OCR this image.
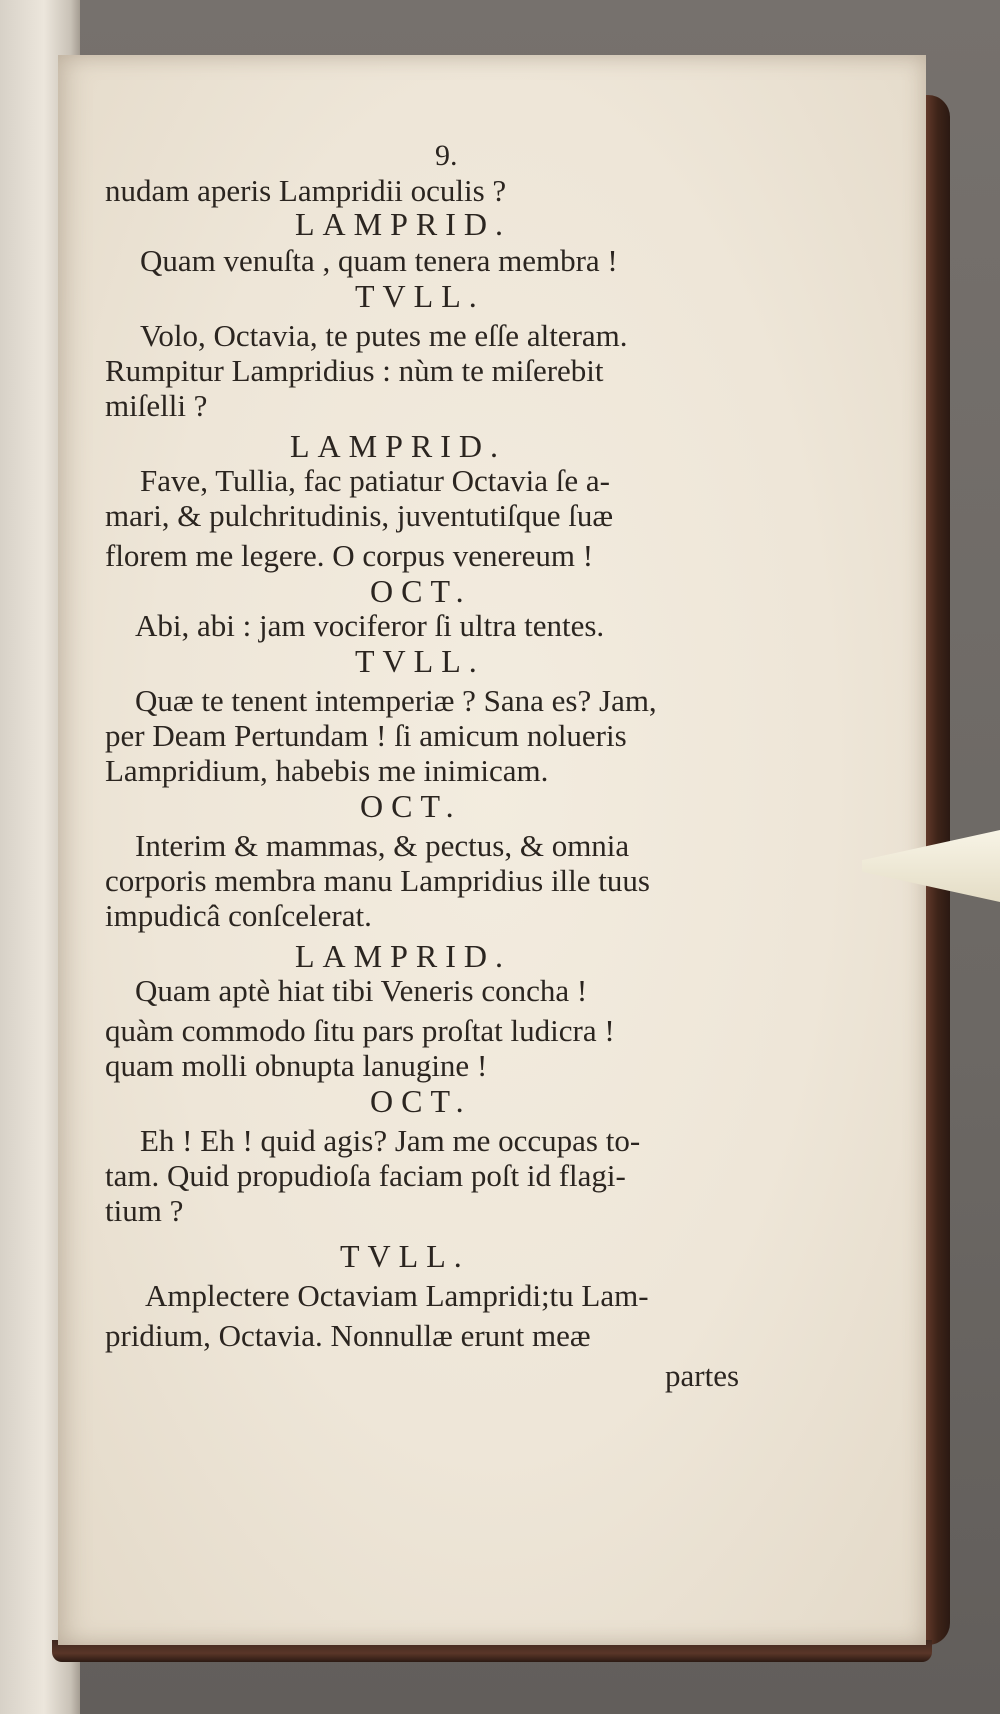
9.
nudam aperis Lampridii oculis ?
LAMPRID.
Quam venuſta , quam tenera membra !
TVLL.
Volo, Octavia, te putes me eſſe alteram.
Rumpitur Lampridius : nùm te miſerebit
miſelli ?
LAMPRID.
Fave, Tullia, fac patiatur Octavia ſe a-
mari, & pulchritudinis, juventutiſque ſuæ
florem me legere. O corpus venereum !
OCT.
Abi, abi : jam vociferor ſi ultra tentes.
TVLL.
Quæ te tenent intemperiæ ? Sana es? Jam,
per Deam Pertundam ! ſi amicum nolueris
Lampridium, habebis me inimicam.
OCT.
Interim & mammas, & pectus, & omnia
corporis membra manu Lampridius ille tuus
impudicâ conſcelerat.
LAMPRID.
Quam aptè hiat tibi Veneris concha !
quàm commodo ſitu pars proſtat ludicra !
quam molli obnupta lanugine !
OCT.
Eh ! Eh ! quid agis? Jam me occupas to-
tam. Quid propudioſa faciam poſt id flagi-
tium ?
TVLL.
Amplectere Octaviam Lampridi;tu Lam-
pridium, Octavia. Nonnullæ erunt meæ
partes
